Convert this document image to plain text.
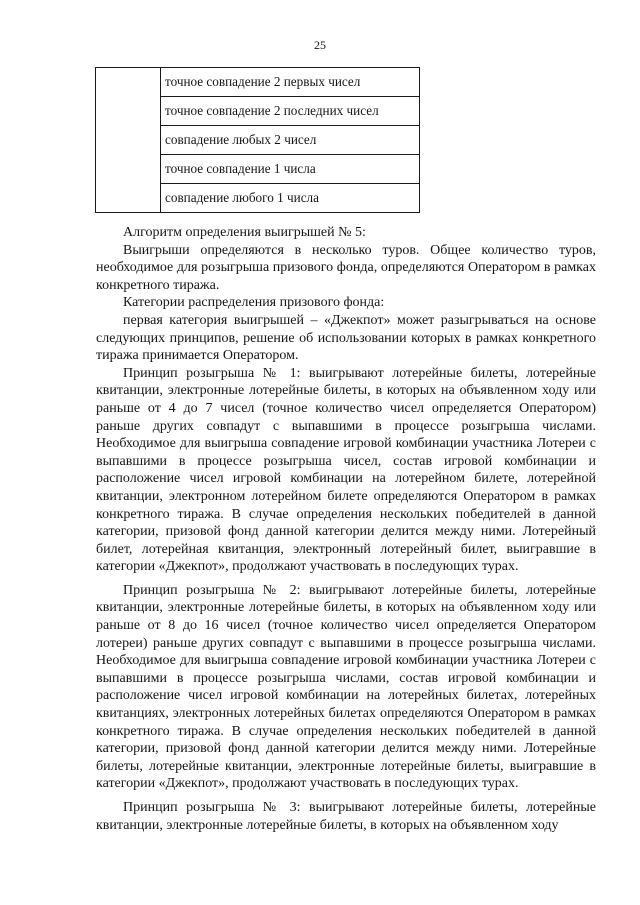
25
	точное совпадение 2 первых чисел
точное совпадение 2 последних чисел
совпадение любых 2 чисел
точное совпадение 1 числа
совпадение любого 1 числа

Алгоритм определения выигрышей № 5:

Выигрыши определяются в несколько туров. Общее количество туров, необходимое для розыгрыша призового фонда, определяются Оператором в рамках конкретного тиража.

Категории распределения призового фонда:

первая категория выигрышей – «Джекпот» может разыгрываться на основе следующих принципов, решение об использовании которых в рамках конкретного тиража принимается Оператором.

Принцип розыгрыша № 1: выигрывают лотерейные билеты, лотерейные квитанции, электронные лотерейные билеты, в которых на объявленном ходу или раньше от 4 до 7 чисел (точное количество чисел определяется Оператором) раньше других совпадут с выпавшими в процессе розыгрыша числами. Необходимое для выигрыша совпадение игровой комбинации участника Лотереи с выпавшими в процессе розыгрыша чисел, состав игровой комбинации и расположение чисел игровой комбинации на лотерейном билете, лотерейной квитанции, электронном лотерейном билете определяются Оператором в рамках конкретного тиража. В случае определения нескольких победителей в данной категории, призовой фонд данной категории делится между ними. Лотерейный билет, лотерейная квитанция, электронный лотерейный билет, выигравшие в категории «Джекпот», продолжают участвовать в последующих турах.

Принцип розыгрыша № 2: выигрывают лотерейные билеты, лотерейные квитанции, электронные лотерейные билеты, в которых на объявленном ходу или раньше от 8 до 16 чисел (точное количество чисел определяется Оператором лотереи) раньше других совпадут с выпавшими в процессе розыгрыша числами. Необходимое для выигрыша совпадение игровой комбинации участника Лотереи с выпавшими в процессе розыгрыша числами, состав игровой комбинации и расположение чисел игровой комбинации на лотерейных билетах, лотерейных квитанциях, электронных лотерейных билетах определяются Оператором в рамках конкретного тиража. В случае определения нескольких победителей в данной категории, призовой фонд данной категории делится между ними. Лотерейные билеты, лотерейные квитанции, электронные лотерейные билеты, выигравшие в категории «Джекпот», продолжают участвовать в последующих турах.

Принцип розыгрыша № 3: выигрывают лотерейные билеты, лотерейные квитанции, электронные лотерейные билеты, в которых на объявленном ходу
